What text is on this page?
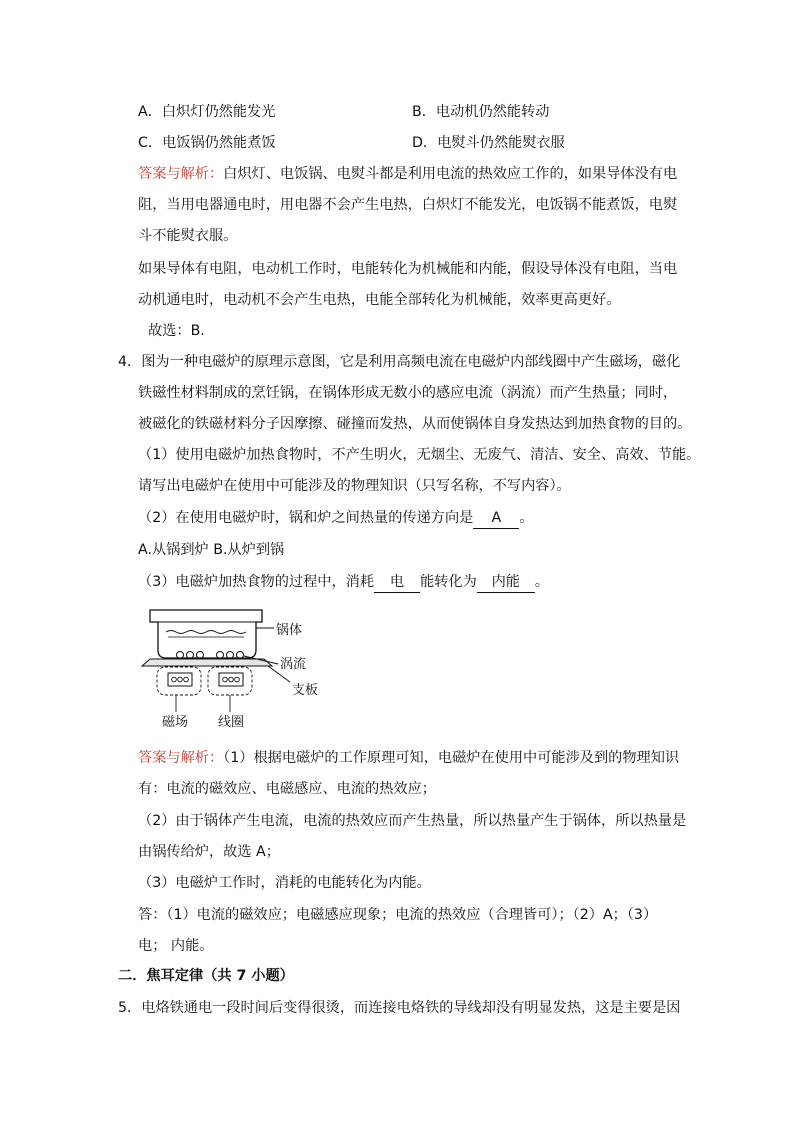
A．白炽灯仍然能发光	B．电动机仍然能转动
C．电饭锅仍然能煮饭	D．电熨斗仍然能熨衣服
答案与解析：白炽灯、电饭锅、电熨斗都是利用电流的热效应工作的，如果导体没有电
阻，当用电器通电时，用电器不会产生电热，白炽灯不能发光，电饭锅不能煮饭，电熨
斗不能熨衣服。
如果导体有电阻，电动机工作时，电能转化为机械能和内能，假设导体没有电阻，当电
动机通电时，电动机不会产生电热，电能全部转化为机械能，效率更高更好。
故选：B.
4．图为一种电磁炉的原理示意图，它是利用高频电流在电磁炉内部线圈中产生磁场，磁化
铁磁性材料制成的烹饪锅，在锅体形成无数小的感应电流（涡流）而产生热量；同时，
被磁化的铁磁材料分子因摩擦、碰撞而发热，从而使锅体自身发热达到加热食物的目的。
（1）使用电磁炉加热食物时，不产生明火，无烟尘、无废气、清洁、安全、高效、节能。
请写出电磁炉在使用中可能涉及的物理知识（只写名称，不写内容）。
（2）在使用电磁炉时，锅和炉之间热量的传递方向是 A 。
A.从锅到炉 B.从炉到锅
（3）电磁炉加热食物的过程中，消耗 电 能转化为 内能 。
锅体
涡流
支板
磁场 线圈
答案与解析：（1）根据电磁炉的工作原理可知，电磁炉在使用中可能涉及到的物理知识
有：电流的磁效应、电磁感应、电流的热效应；
（2）由于锅体产生电流，电流的热效应而产生热量，所以热量产生于锅体，所以热量是
由锅传给炉，故选 A；
（3）电磁炉工作时，消耗的电能转化为内能。
答：（1）电流的磁效应；电磁感应现象；电流的热效应（合理皆可）；（2）A；（3）
电； 内能。
二．焦耳定律（共 7 小题）
5．电烙铁通电一段时间后变得很烫，而连接电烙铁的导线却没有明显发热，这是主要是因
